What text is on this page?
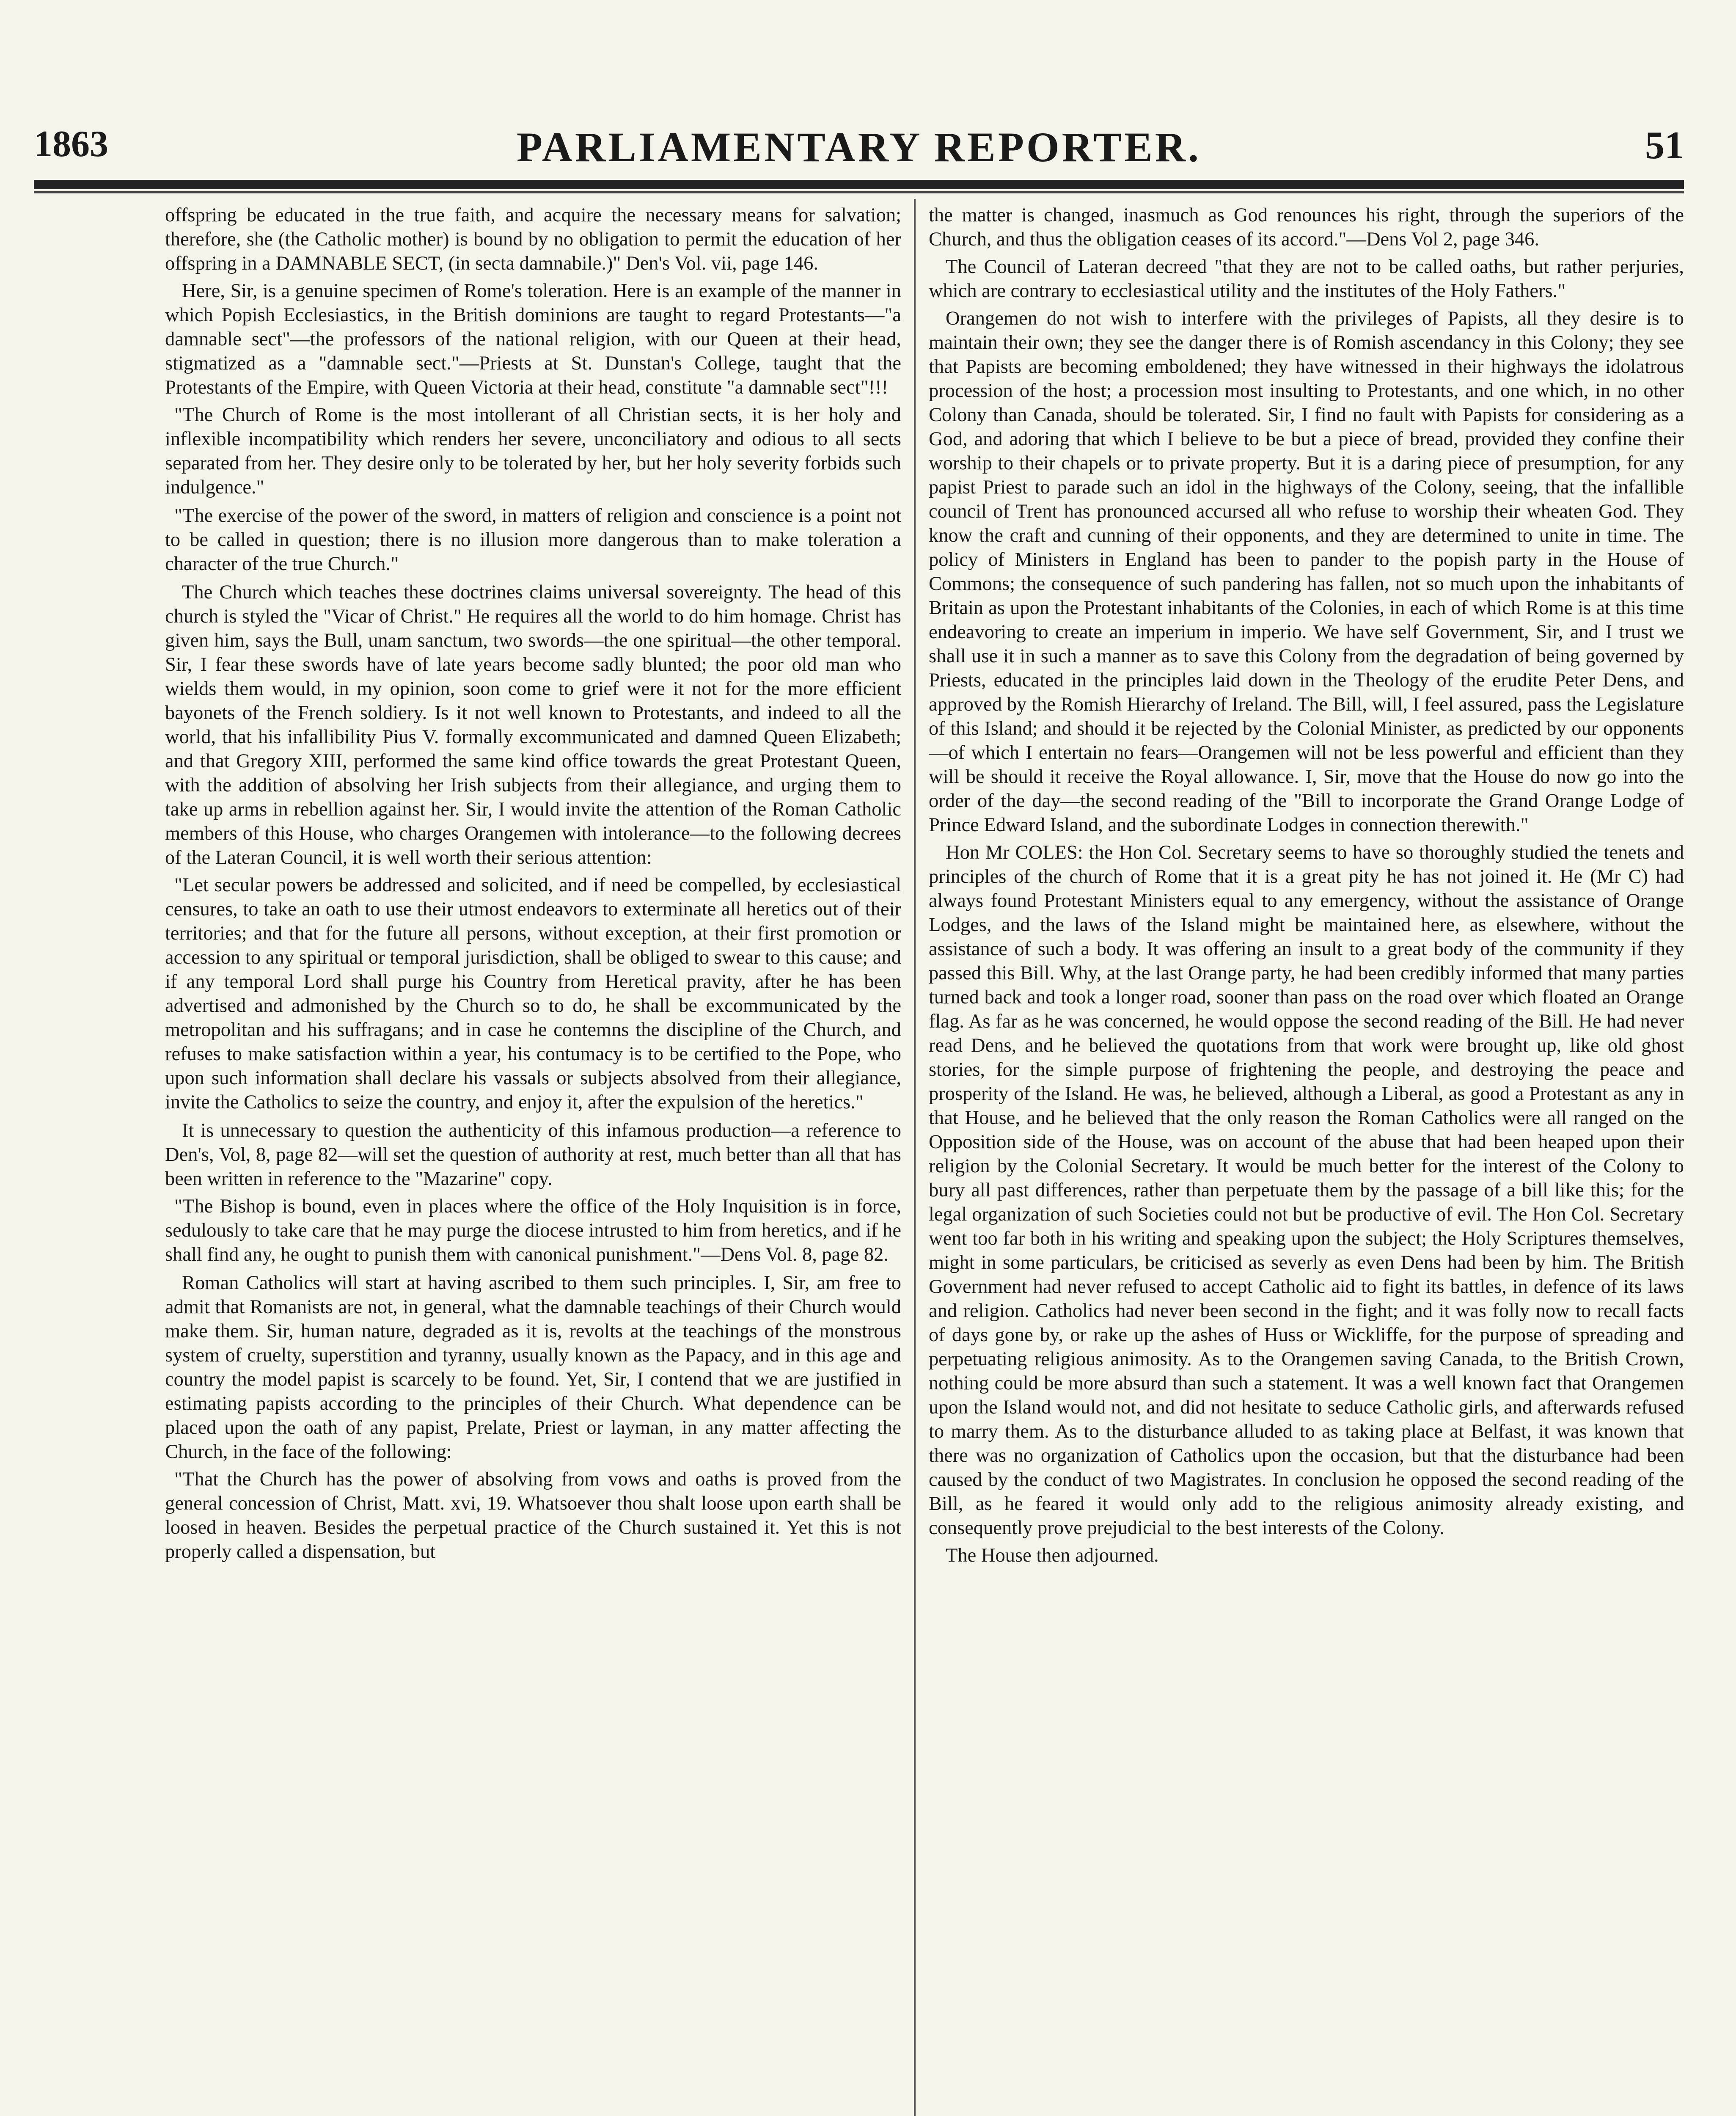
1863	PARLIAMENTARY REPORTER.	51

offspring be educated in the true faith, and acquire the necessary means for salvation; therefore, she (the Catholic mother) is bound by no obligation to permit the education of her offspring in a DAMNABLE SECT, (in secta damnabile.)" Den's Vol. vii, page 146.

Here, Sir, is a genuine specimen of Rome's toleration. Here is an example of the manner in which Popish Ecclesiastics, in the British dominions are taught to regard Protestants—"a damnable sect"—the professors of the national religion, with our Queen at their head, stigmatized as a "damnable sect."—Priests at St. Dunstan's College, taught that the Protestants of the Empire, with Queen Victoria at their head, constitute "a damnable sect"!!!

"The Church of Rome is the most intollerant of all Christian sects, it is her holy and inflexible incompatibility which renders her severe, unconciliatory and odious to all sects separated from her. They desire only to be tolerated by her, but her holy severity forbids such indulgence."

"The exercise of the power of the sword, in matters of religion and conscience is a point not to be called in question; there is no illusion more dangerous than to make toleration a character of the true Church."

The Church which teaches these doctrines claims universal sovereignty. The head of this church is styled the "Vicar of Christ." He requires all the world to do him homage. Christ has given him, says the Bull, unam sanctum, two swords—the one spiritual—the other temporal. Sir, I fear these swords have of late years become sadly blunted; the poor old man who wields them would, in my opinion, soon come to grief were it not for the more efficient bayonets of the French soldiery. Is it not well known to Protestants, and indeed to all the world, that his infallibility Pius V. formally excommunicated and damned Queen Elizabeth; and that Gregory XIII, performed the same kind office towards the great Protestant Queen, with the addition of absolving her Irish subjects from their allegiance, and urging them to take up arms in rebellion against her. Sir, I would invite the attention of the Roman Catholic members of this House, who charges Orangemen with intolerance—to the following decrees of the Lateran Council, it is well worth their serious attention:

"Let secular powers be addressed and solicited, and if need be compelled, by ecclesiastical censures, to take an oath to use their utmost endeavors to exterminate all heretics out of their territories; and that for the future all persons, without exception, at their first promotion or accession to any spiritual or temporal jurisdiction, shall be obliged to swear to this cause; and if any temporal Lord shall purge his Country from Heretical pravity, after he has been advertised and admonished by the Church so to do, he shall be excommunicated by the metropolitan and his suffragans; and in case he contemns the discipline of the Church, and refuses to make satisfaction within a year, his contumacy is to be certified to the Pope, who upon such information shall declare his vassals or subjects absolved from their allegiance, invite the Catholics to seize the country, and enjoy it, after the expulsion of the heretics."

It is unnecessary to question the authenticity of this infamous production—a reference to Den's, Vol, 8, page 82—will set the question of authority at rest, much better than all that has been written in reference to the "Mazarine" copy.

"The Bishop is bound, even in places where the office of the Holy Inquisition is in force, sedulously to take care that he may purge the diocese intrusted to him from heretics, and if he shall find any, he ought to punish them with canonical punishment."—Dens Vol. 8, page 82.

Roman Catholics will start at having ascribed to them such principles. I, Sir, am free to admit that Romanists are not, in general, what the damnable teachings of their Church would make them. Sir, human nature, degraded as it is, revolts at the teachings of the monstrous system of cruelty, superstition and tyranny, usually known as the Papacy, and in this age and country the model papist is scarcely to be found. Yet, Sir, I contend that we are justified in estimating papists according to the principles of their Church. What dependence can be placed upon the oath of any papist, Prelate, Priest or layman, in any matter affecting the Church, in the face of the following:

"That the Church has the power of absolving from vows and oaths is proved from the general concession of Christ, Matt. xvi, 19. Whatsoever thou shalt loose upon earth shall be loosed in heaven. Besides the perpetual practice of the Church sustained it. Yet this is not properly called a dispensation, but

the matter is changed, inasmuch as God renounces his right, through the superiors of the Church, and thus the obligation ceases of its accord."—Dens Vol 2, page 346.

The Council of Lateran decreed "that they are not to be called oaths, but rather perjuries, which are contrary to ecclesiastical utility and the institutes of the Holy Fathers."

Orangemen do not wish to interfere with the privileges of Papists, all they desire is to maintain their own; they see the danger there is of Romish ascendancy in this Colony; they see that Papists are becoming emboldened; they have witnessed in their highways the idolatrous procession of the host; a procession most insulting to Protestants, and one which, in no other Colony than Canada, should be tolerated. Sir, I find no fault with Papists for considering as a God, and adoring that which I believe to be but a piece of bread, provided they confine their worship to their chapels or to private property. But it is a daring piece of presumption, for any papist Priest to parade such an idol in the highways of the Colony, seeing, that the infallible council of Trent has pronounced accursed all who refuse to worship their wheaten God. They know the craft and cunning of their opponents, and they are determined to unite in time. The policy of Ministers in England has been to pander to the popish party in the House of Commons; the consequence of such pandering has fallen, not so much upon the inhabitants of Britain as upon the Protestant inhabitants of the Colonies, in each of which Rome is at this time endeavoring to create an imperium in imperio. We have self Government, Sir, and I trust we shall use it in such a manner as to save this Colony from the degradation of being governed by Priests, educated in the principles laid down in the Theology of the erudite Peter Dens, and approved by the Romish Hierarchy of Ireland. The Bill, will, I feel assured, pass the Legislature of this Island; and should it be rejected by the Colonial Minister, as predicted by our opponents—of which I entertain no fears—Orangemen will not be less powerful and efficient than they will be should it receive the Royal allowance. I, Sir, move that the House do now go into the order of the day—the second reading of the "Bill to incorporate the Grand Orange Lodge of Prince Edward Island, and the subordinate Lodges in connection therewith."

Hon Mr COLES: the Hon Col. Secretary seems to have so thoroughly studied the tenets and principles of the church of Rome that it is a great pity he has not joined it. He (Mr C) had always found Protestant Ministers equal to any emergency, without the assistance of Orange Lodges, and the laws of the Island might be maintained here, as elsewhere, without the assistance of such a body. It was offering an insult to a great body of the community if they passed this Bill. Why, at the last Orange party, he had been credibly informed that many parties turned back and took a longer road, sooner than pass on the road over which floated an Orange flag. As far as he was concerned, he would oppose the second reading of the Bill. He had never read Dens, and he believed the quotations from that work were brought up, like old ghost stories, for the simple purpose of frightening the people, and destroying the peace and prosperity of the Island. He was, he believed, although a Liberal, as good a Protestant as any in that House, and he believed that the only reason the Roman Catholics were all ranged on the Opposition side of the House, was on account of the abuse that had been heaped upon their religion by the Colonial Secretary. It would be much better for the interest of the Colony to bury all past differences, rather than perpetuate them by the passage of a bill like this; for the legal organization of such Societies could not but be productive of evil. The Hon Col. Secretary went too far both in his writing and speaking upon the subject; the Holy Scriptures themselves, might in some particulars, be criticised as severly as even Dens had been by him. The British Government had never refused to accept Catholic aid to fight its battles, in defence of its laws and religion. Catholics had never been second in the fight; and it was folly now to recall facts of days gone by, or rake up the ashes of Huss or Wickliffe, for the purpose of spreading and perpetuating religious animosity. As to the Orangemen saving Canada, to the British Crown, nothing could be more absurd than such a statement. It was a well known fact that Orangemen upon the Island would not, and did not hesitate to seduce Catholic girls, and afterwards refused to marry them. As to the disturbance alluded to as taking place at Belfast, it was known that there was no organization of Catholics upon the occasion, but that the disturbance had been caused by the conduct of two Magistrates. In conclusion he opposed the second reading of the Bill, as he feared it would only add to the religious animosity already existing, and consequently prove prejudicial to the best interests of the Colony.

The House then adjourned.
